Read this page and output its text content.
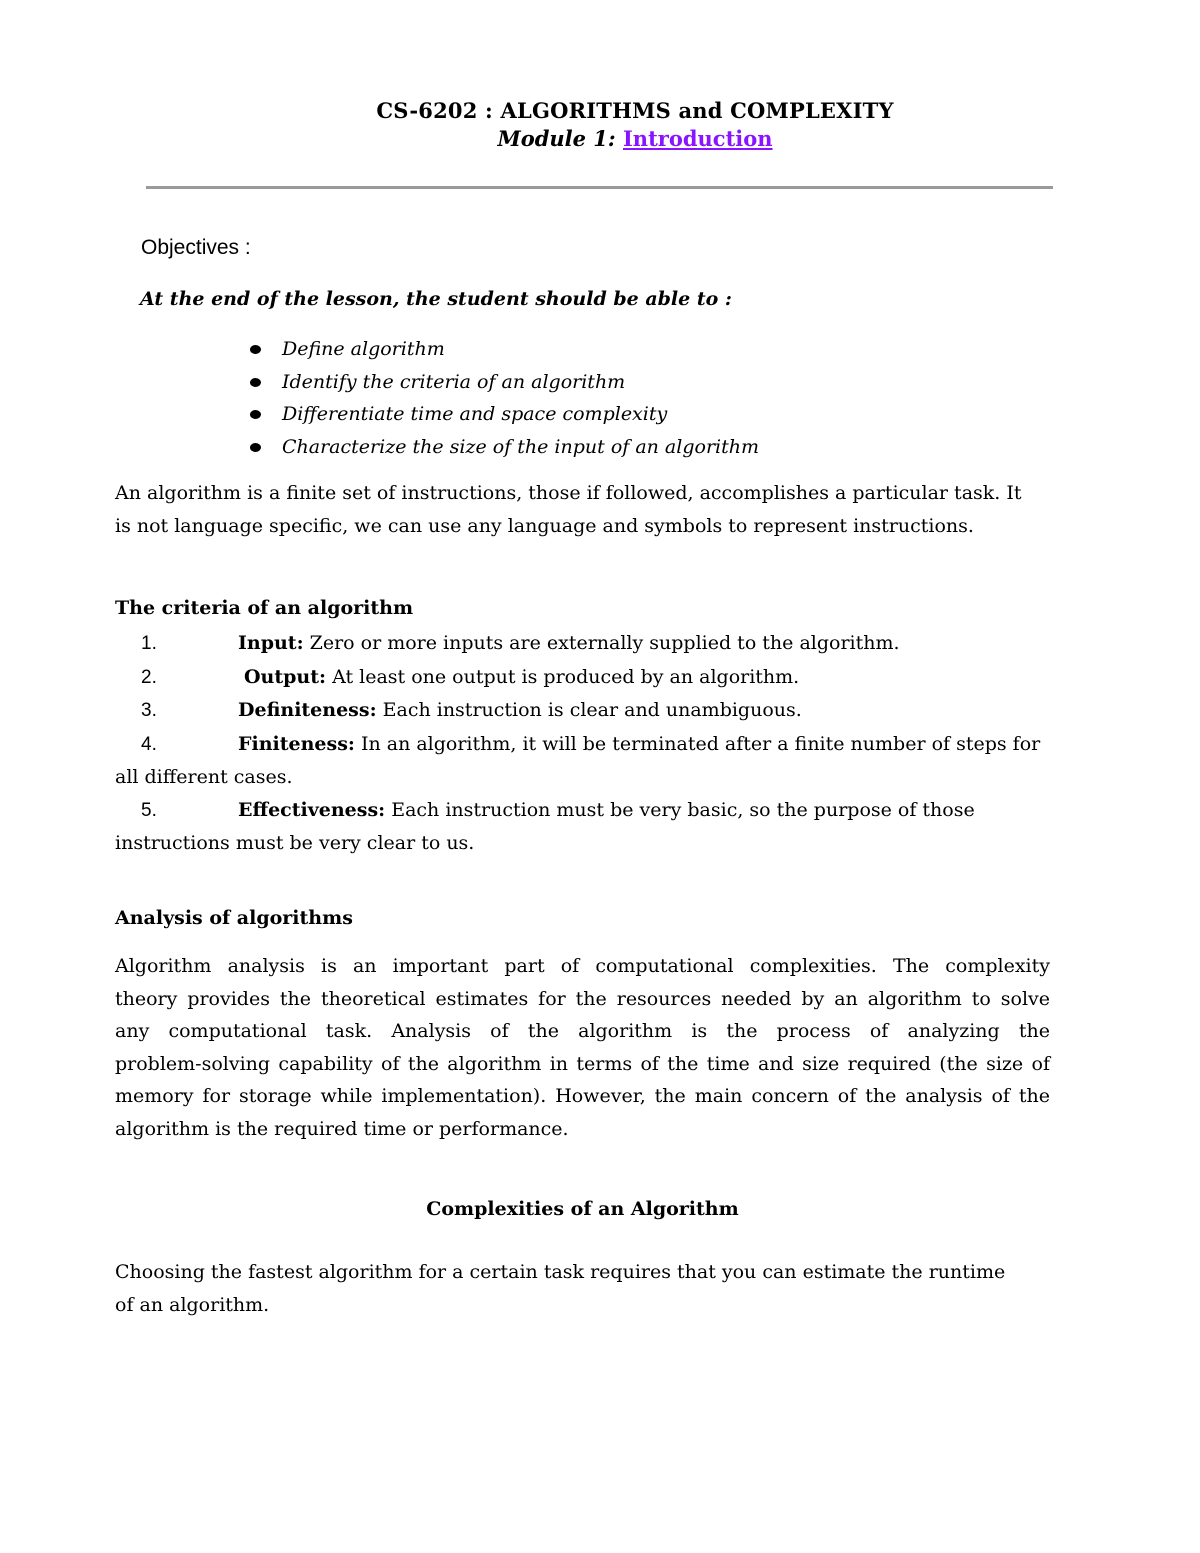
CS-6202 : ALGORITHMS and COMPLEXITY
Module 1: Introduction
Objectives :
At the end of the lesson, the student should be able to :
Define algorithm
Identify the criteria of an algorithm
Differentiate time and space complexity
Characterize the size of the input of an algorithm
An algorithm is a finite set of instructions, those if followed, accomplishes a particular task. It
is not language specific, we can use any language and symbols to represent instructions.
The criteria of an algorithm
1.	Input: Zero or more inputs are externally supplied to the algorithm.
2.	Output: At least one output is produced by an algorithm.
3.	Definiteness: Each instruction is clear and unambiguous.
4.	Finiteness: In an algorithm, it will be terminated after a finite number of steps for
all different cases.
5.	Effectiveness: Each instruction must be very basic, so the purpose of those
instructions must be very clear to us.
Analysis of algorithms
Algorithm analysis is an important part of computational complexities. The complexity
theory provides the theoretical estimates for the resources needed by an algorithm to solve
any computational task. Analysis of the algorithm is the process of analyzing the
problem-solving capability of the algorithm in terms of the time and size required (the size of
memory for storage while implementation). However, the main concern of the analysis of the
algorithm is the required time or performance.
Complexities of an Algorithm
Choosing the fastest algorithm for a certain task requires that you can estimate the runtime
of an algorithm.
